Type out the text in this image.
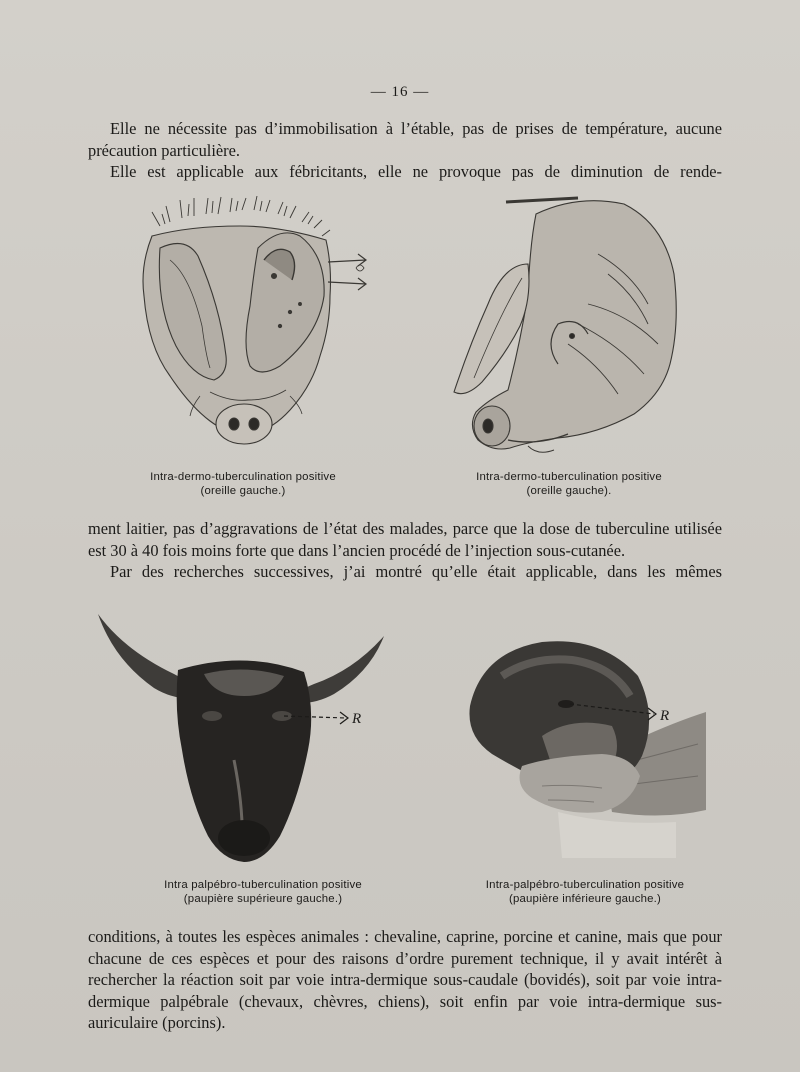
— 16 —

Elle ne nécessite pas d’immobilisation à l’étable, pas de prises de température, aucune précaution particulière.

Elle est applicable aux fébricitants, elle ne provoque pas de diminution de rende-

Intra-dermo-tuberculination positive
(oreille gauche.)
Intra-dermo-tuberculination positive
(oreille gauche).

ment laitier, pas d’aggravations de l’état des malades, parce que la dose de tuberculine utilisée est 30 à 40 fois moins forte que dans l’ancien procédé de l’injection sous-cutanée.

Par des recherches successives, j’ai montré qu’elle était applicable, dans les mêmes

R	R
Intra palpébro-tuberculination positive
(paupière supérieure gauche.)
Intra-palpébro-tuberculination positive
(paupière inférieure gauche.)

conditions, à toutes les espèces animales : chevaline, caprine, porcine et canine, mais que pour chacune de ces espèces et pour des raisons d’ordre purement technique, il y avait intérêt à rechercher la réaction soit par voie intra-dermique sous-caudale (bovidés), soit par voie intra-dermique palpébrale (chevaux, chèvres, chiens), soit enfin par voie intra-dermique sus-auriculaire (porcins).
